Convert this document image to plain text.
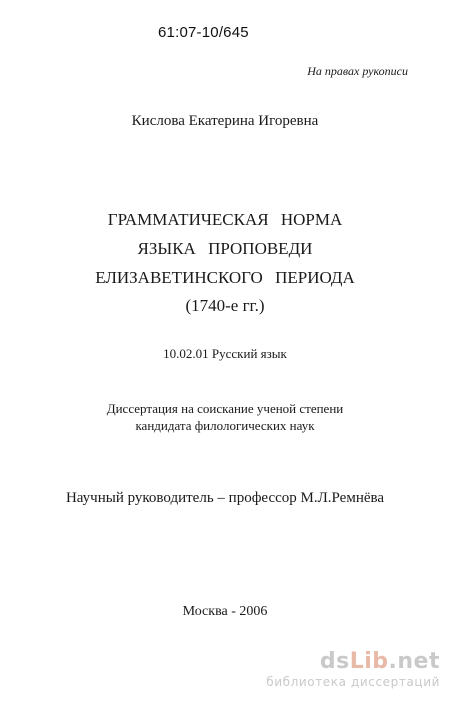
61:07-10/645
На правах рукописи
Кислова Екатерина Игоревна
ГРАММАТИЧЕСКАЯ НОРМА
ЯЗЫКА ПРОПОВЕДИ
ЕЛИЗАВЕТИНСКОГО ПЕРИОДА
(1740-е гг.)
10.02.01 Русский язык
Диссертация на соискание ученой степени
кандидата филологических наук
Научный руководитель – профессор М.Л.Ремнёва
Москва - 2006
dsLib.net
библиотека диссертаций
